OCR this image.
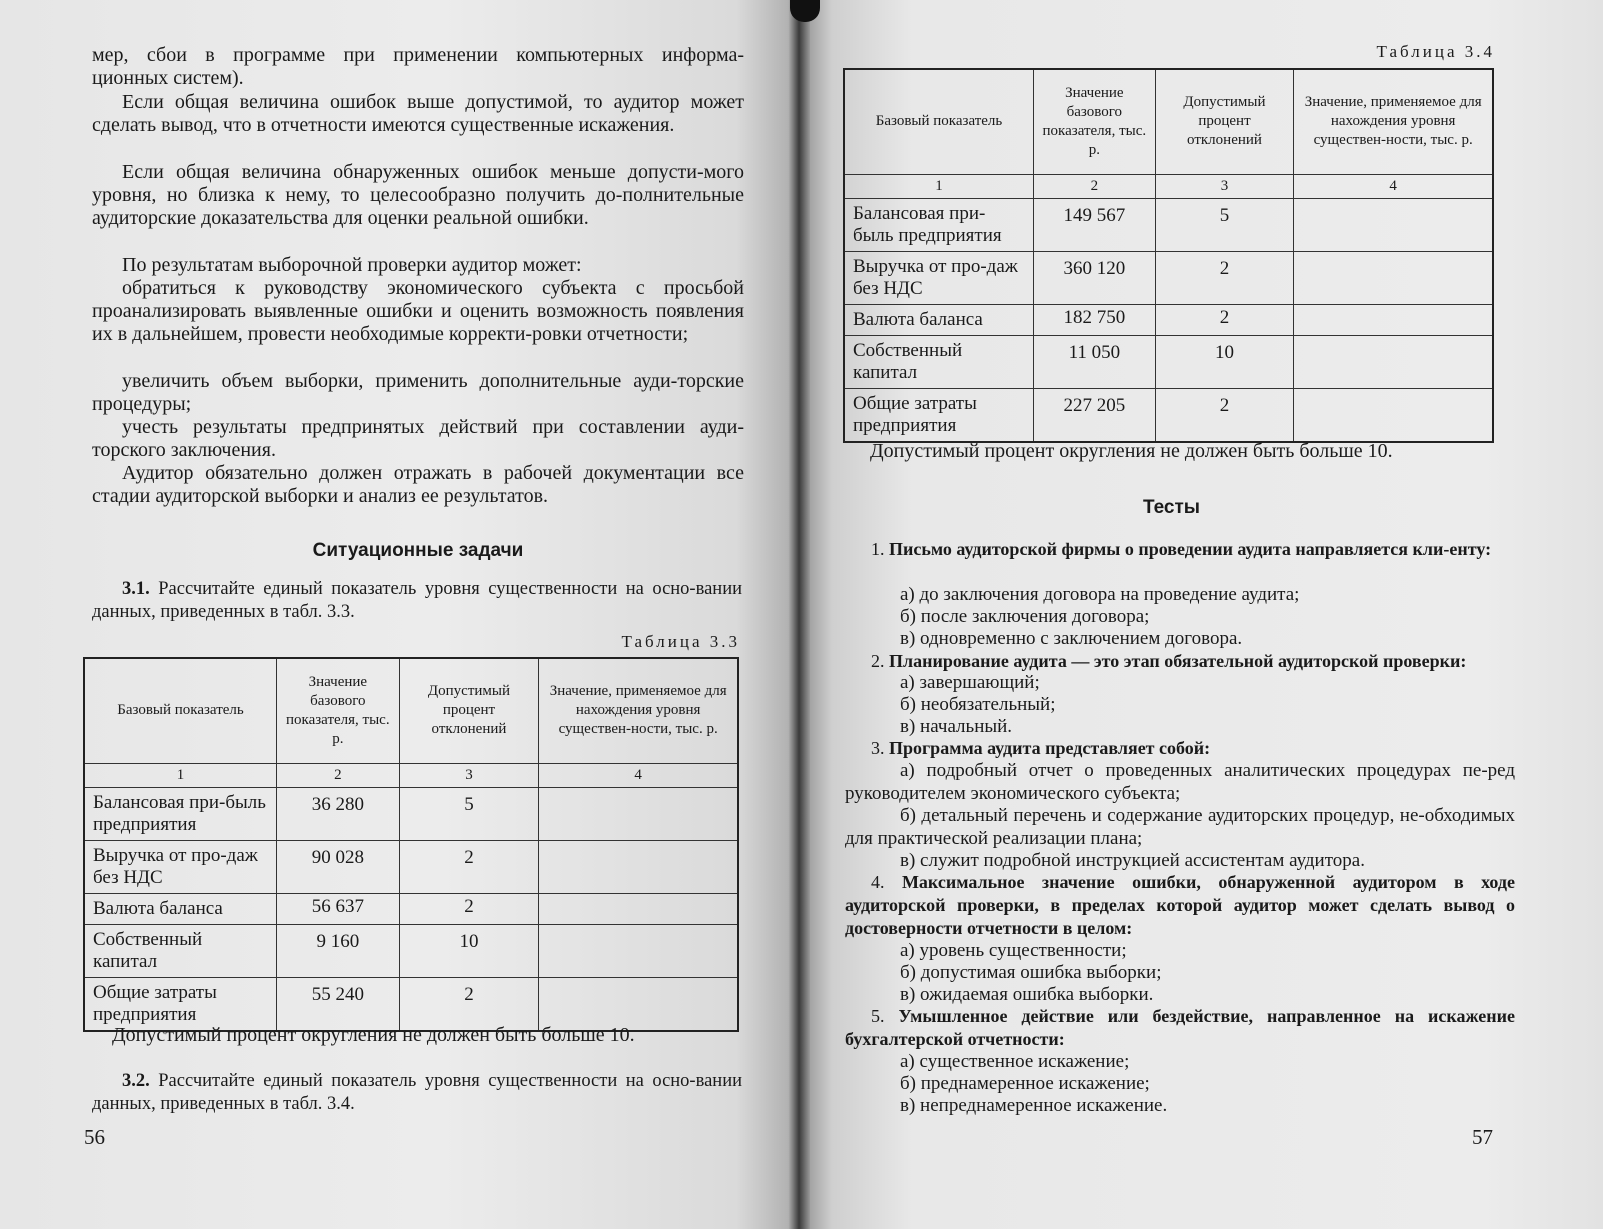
мер, сбои в программе при применении компьютерных информа-
ционных систем).
Если общая величина ошибок выше допустимой, то аудитор может сделать вывод, что в отчетности имеются существенные искажения.
Если общая величина обнаруженных ошибок меньше допусти-мого уровня, но близка к нему, то целесообразно получить до-полнительные аудиторские доказательства для оценки реальной ошибки.
По результатам выборочной проверки аудитор может:
обратиться к руководству экономического субъекта с просьбой проанализировать выявленные ошибки и оценить возможность появления их в дальнейшем, провести необходимые корректи-ровки отчетности;
увеличить объем выборки, применить дополнительные ауди-торские процедуры;
учесть результаты предпринятых действий при составлении ауди-торского заключения.
Аудитор обязательно должен отражать в рабочей документации все стадии аудиторской выборки и анализ ее результатов.
Ситуационные задачи
3.1. Рассчитайте единый показатель уровня существенности на осно-вании данных, приведенных в табл. 3.3.
Таблица 3.3
Базовый показатель	Значение базового показателя, тыс. р.	Допустимый процент отклонений	Значение, применяемое для нахождения уровня существен-ности, тыс. р.
1	2	3	4
Балансовая при-быль предприятия	36 280	5	
Выручка от про-даж без НДС	90 028	2	
Валюта баланса	56 637	2	
Собственный капитал	9 160	10	
Общие затраты предприятия	55 240	2	
Допустимый процент округления не должен быть больше 10.
3.2. Рассчитайте единый показатель уровня существенности на осно-вании данных, приведенных в табл. 3.4.
56
Таблица 3.4
Базовый показатель	Значение базового показателя, тыс. р.	Допустимый процент отклонений	Значение, применяемое для нахождения уровня существен-ности, тыс. р.
1	2	3	4
Балансовая при-быль предприятия	149 567	5	
Выручка от про-даж без НДС	360 120	2	
Валюта баланса	182 750	2	
Собственный капитал	11 050	10	
Общие затраты предприятия	227 205	2	
Допустимый процент округления не должен быть больше 10.
Тесты
1. Письмо аудиторской фирмы о проведении аудита направляется кли-енту:
а) до заключения договора на проведение аудита;
б) после заключения договора;
в) одновременно с заключением договора.
2. Планирование аудита — это этап обязательной аудиторской проверки:
а) завершающий;
б) необязательный;
в) начальный.
3. Программа аудита представляет собой:
а) подробный отчет о проведенных аналитических процедурах пе-ред руководителем экономического субъекта;
б) детальный перечень и содержание аудиторских процедур, не-обходимых для практической реализации плана;
в) служит подробной инструкцией ассистентам аудитора.
4. Максимальное значение ошибки, обнаруженной аудитором в ходе аудиторской проверки, в пределах которой аудитор может сделать вывод о достоверности отчетности в целом:
а) уровень существенности;
б) допустимая ошибка выборки;
в) ожидаемая ошибка выборки.
5. Умышленное действие или бездействие, направленное на искажение бухгалтерской отчетности:
а) существенное искажение;
б) преднамеренное искажение;
в) непреднамеренное искажение.
57
